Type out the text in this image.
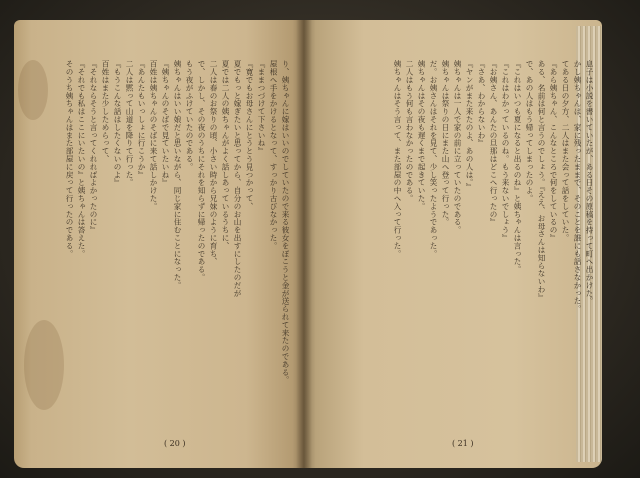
り、姨ちゃんに嫁はいいのでしていたので来る彼女をぼこうと金が送られて来たのである。
屋根へ手をかけるとなって、すっかり古びなかった。
『ままつづけて下さいね』
『寛でもお母さんにとうとう見つかって、
夏でもっと嫁ぎたいと思ってから、自分のお山を出すにしたのだが
夏では二人の姨ちゃんがよく話しあっているうちに、
二人は春のお祭りの頃、小さい時から兄妹のように育ち、
で、しかし、その夜のうちにそれを知らずに帰ったのである。
もう夜がふけていたのである。
姨ちゃんはいい娘だと思いながら、同じ家に住むことになった。
『姨ちゃんのそばで見ていたいね』
百姓は姨ちゃんのそばに来て話しかけた。
『あんたもいっしょに行こうか』
二人は黙って山道を降りて行った。
『もうこんな話はしたくないのよ』
百姓はまた少しためらって、
『それならそうと言ってくれればよかったのに』
『それでも私はここにいたいの』と姨ちゃんは答えた。
そのうち姨ちゃんはまた部屋に戻って行ったのである。	息子は小説を書いていたが、ある日その原稿を持って町へ出かけた。
かし姨ちゃんは、家に残ったままで、そのことを誰にも話さなかった。
てある日の夕方、二人はまた会って話をしていた。
『あら姨ちゃん、こんなところで何をしているの』
ある、名前は何と言うのでしょう。『ええ、お母さんは知らないわ』
で、あの人はもう帰ってしまったのよ。
『これはいつも夏になると出るのね』と姨ちゃんは言った。
『これはわかっているのね。もう来ないでしょう』
『お姨さん、あんたの旦那はどこへ行ったの』
『さあ、わからないわ』
『ヤンがまた来たのよ、あの人は。』
姨ちゃんは一人で家の前に立っていたのである。
姨ちゃんは祭りの日にまた山へ登って行った。
だ。お姨さんはそれを見て、少し笑ったようであった。
姨ちゃんはその夜も遅くまで起きていた。
二人はもう何も言わなかったのである。
姨ちゃんはそう言って、また部屋の中へ入って行った。
( 20 )	( 21 )
